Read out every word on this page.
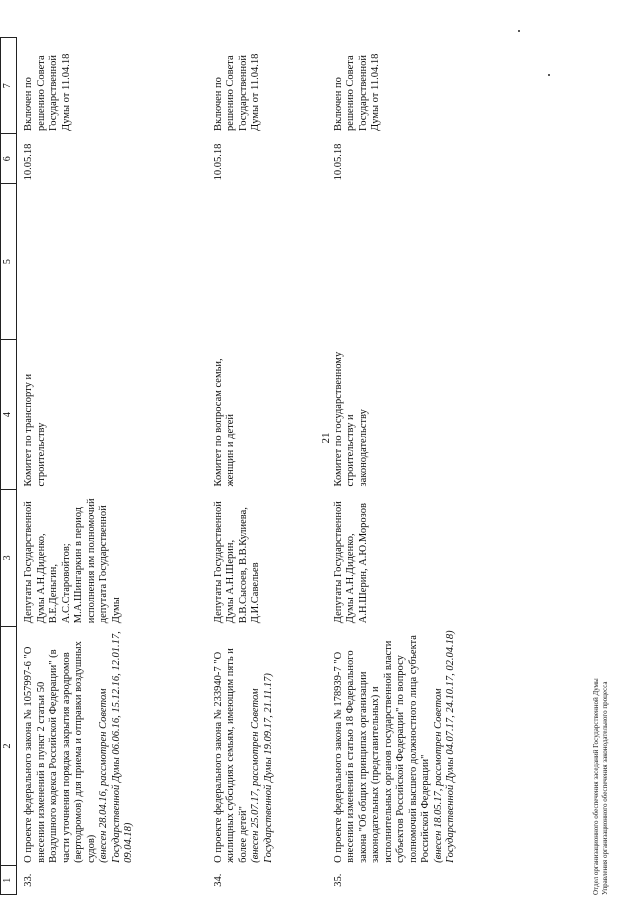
21
1	2	3	4	5	6	7
33.	О проекте федерального закона № 1057997-6 "О внесении изменений в пункт 2 статьи 50 Воздушного кодекса Российской Федерации" (в части уточнения порядка закрытия аэродромов (вертодромов) для приема и отправки воздушных судов) (внесен 28.04.16, рассмотрен Советом Государственной Думы 06.06.16, 15.12.16, 12.01.17, 09.04.18)	Депутаты Государственной Думы А.Н.Диденко, В.Е.Деньгин, А.С.Старовойтов; М.А.Шингаркин в период исполнения им полномочий депутата Государственной Думы	Комитет по транспорту и строительству		10.05.18	Включен по решению Совета Государственной Думы от 11.04.18
34.	О проекте федерального закона № 233940-7 "О жилищных субсидиях семьям, имеющим пять и более детей" (внесен 25.07.17, рассмотрен Советом Государственной Думы 19.09.17, 21.11.17)	Депутаты Государственной Думы А.Н.Шерин, В.В.Сысоев, В.В.Кулиева, Д.И.Савельев	Комитет по вопросам семьи, женщин и детей		10.05.18	Включен по решению Совета Государственной Думы от 11.04.18
35.	О проекте федерального закона № 178939-7 "О внесении изменений в статью 18 Федерального закона "Об общих принципах организации законодательных (представительных) и исполнительных органов государственной власти субъектов Российской Федерации" по вопросу полномочий высшего должностного лица субъекта Российской Федерации" (внесен 18.05.17, рассмотрен Советом Государственной Думы 04.07.17, 24.10.17, 02.04.18)	Депутаты Государственной Думы А.Н.Диденко, А.Н.Шерин, А.Ю.Морозов	Комитет по государственному строительству и законодательству		10.05.18	Включен по решению Совета Государственной Думы от 11.04.18
Отдел организационного обеспечения заседаний Государственной Думы Управления организационного обеспечения законодательного процесса
